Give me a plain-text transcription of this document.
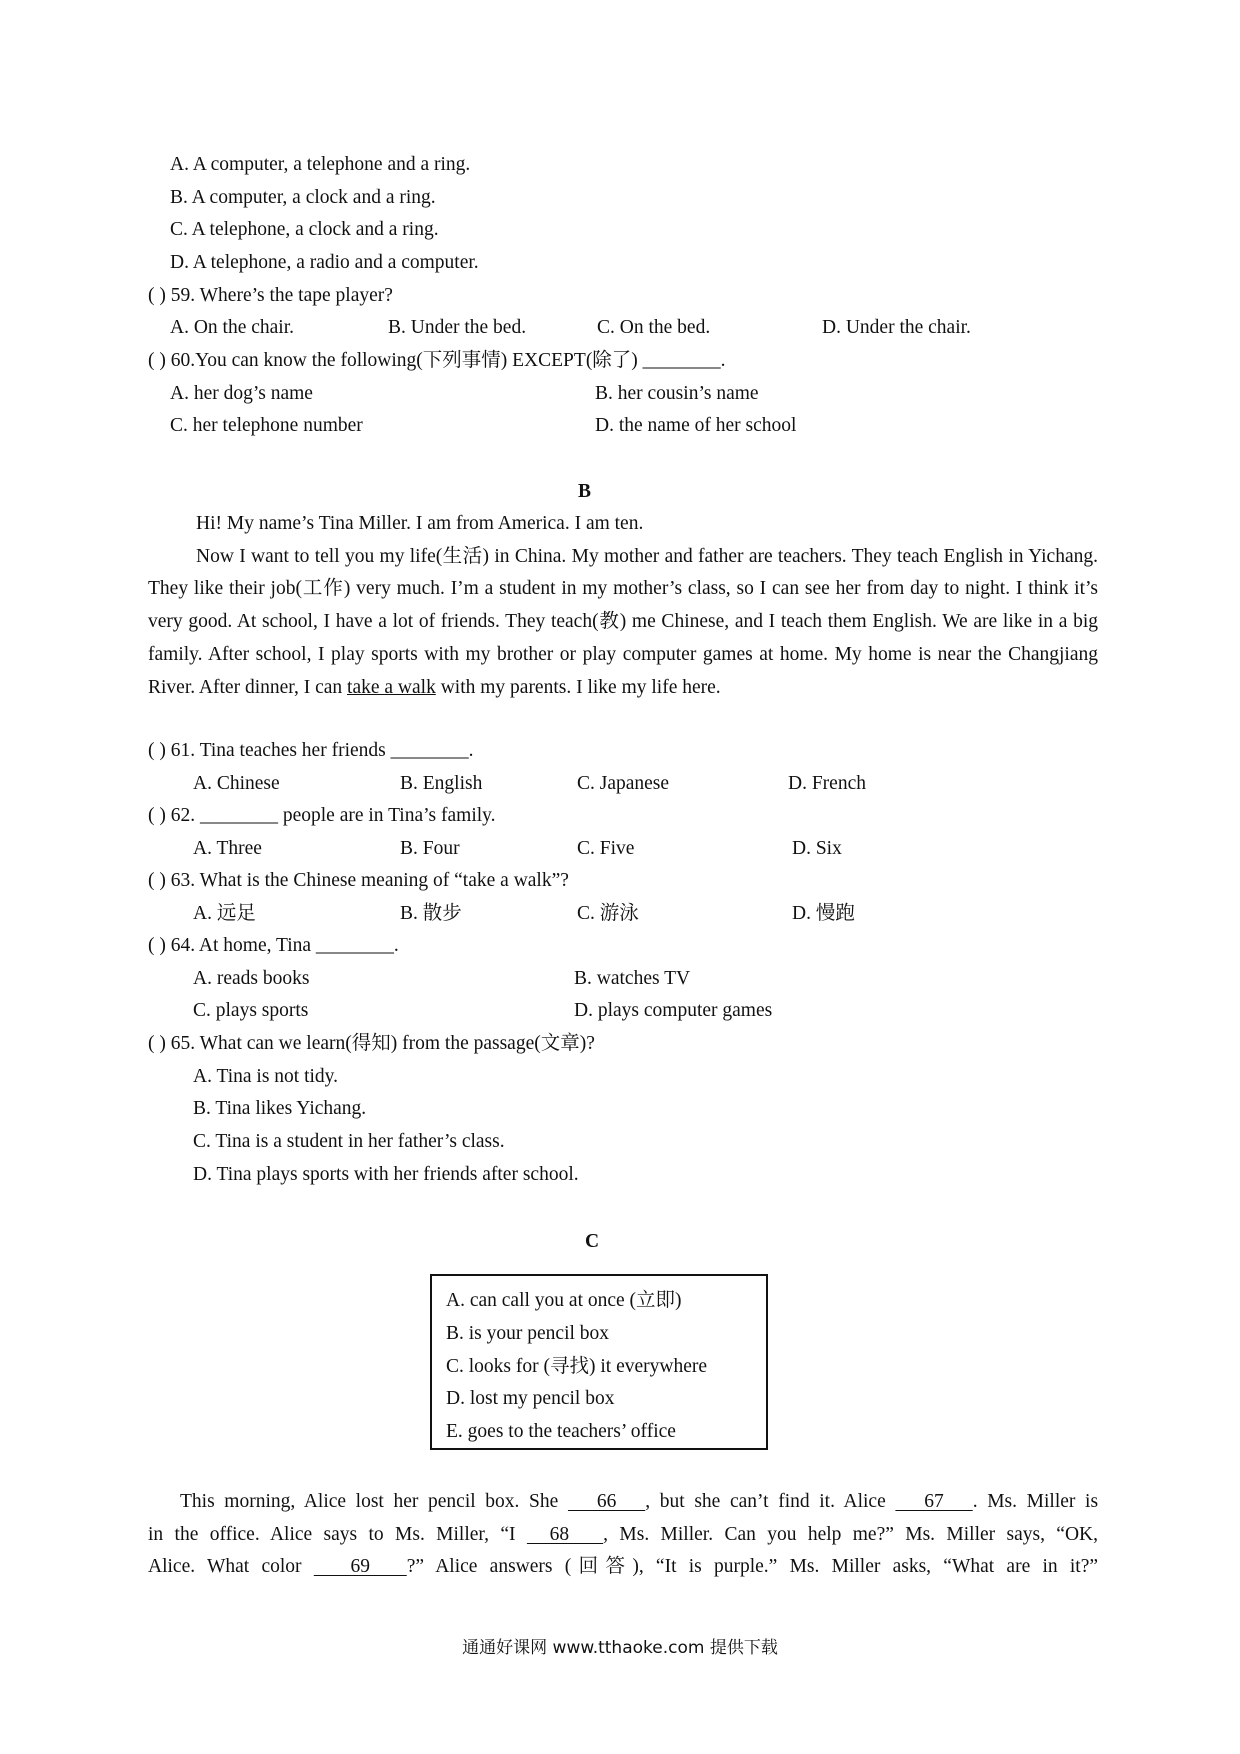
A. A computer, a telephone and a ring.
B. A computer, a clock and a ring.
C. A telephone, a clock and a ring.
D. A telephone, a radio and a computer.
( ) 59. Where’s the tape player?
A. On the chair.	B. Under the bed.	C. On the bed.	D. Under the chair.
( ) 60.You can know the following(下列事情) EXCEPT(除了) ________.
A. her dog’s name	B. her cousin’s name
C. her telephone number	D. the name of her school
B

Hi! My name’s Tina Miller. I am from America. I am ten.

Now I want to tell you my life(生活) in China. My mother and father are teachers. They teach English in Yichang. They like their job(工作) very much. I’m a student in my mother’s class, so I can see her from day to night. I think it’s very good. At school, I have a lot of friends. They teach(教) me Chinese, and I teach them English. We are like in a big family. After school, I play sports with my brother or play computer games at home. My home is near the Changjiang River. After dinner, I can take a walk with my parents. I like my life here.

( ) 61. Tina teaches her friends ________.
A. Chinese	B. English	C. Japanese	D. French
( ) 62. ________ people are in Tina’s family.
A. Three	B. Four	C. Five	D. Six
( ) 63. What is the Chinese meaning of “take a walk”?
A. 远足	B. 散步	C. 游泳	D. 慢跑
( ) 64. At home, Tina ________.
A. reads books	B. watches TV
C. plays sports	D. plays computer games
( ) 65. What can we learn(得知) from the passage(文章)?
A. Tina is not tidy.
B. Tina likes Yichang.
C. Tina is a student in her father’s class.
D. Tina plays sports with her friends after school.
C
A. can call you at once (立即)
B. is your pencil box
C. looks for (寻找) it everywhere
D. lost my pencil box
E. goes to the teachers’ office

This morning, Alice lost her pencil box. She    66   , but she can’t find it. Alice    67   . Ms. Miller is

in the office. Alice says to Ms. Miller, “I   68   , Ms. Miller. Can you help me?” Ms. Miller says, “OK,

Alice. What color    69   ?” Alice answers (回答), “It is purple.” Ms. Miller asks, “What are in it?”

通通好课网 www.tthaoke.com 提供下载
